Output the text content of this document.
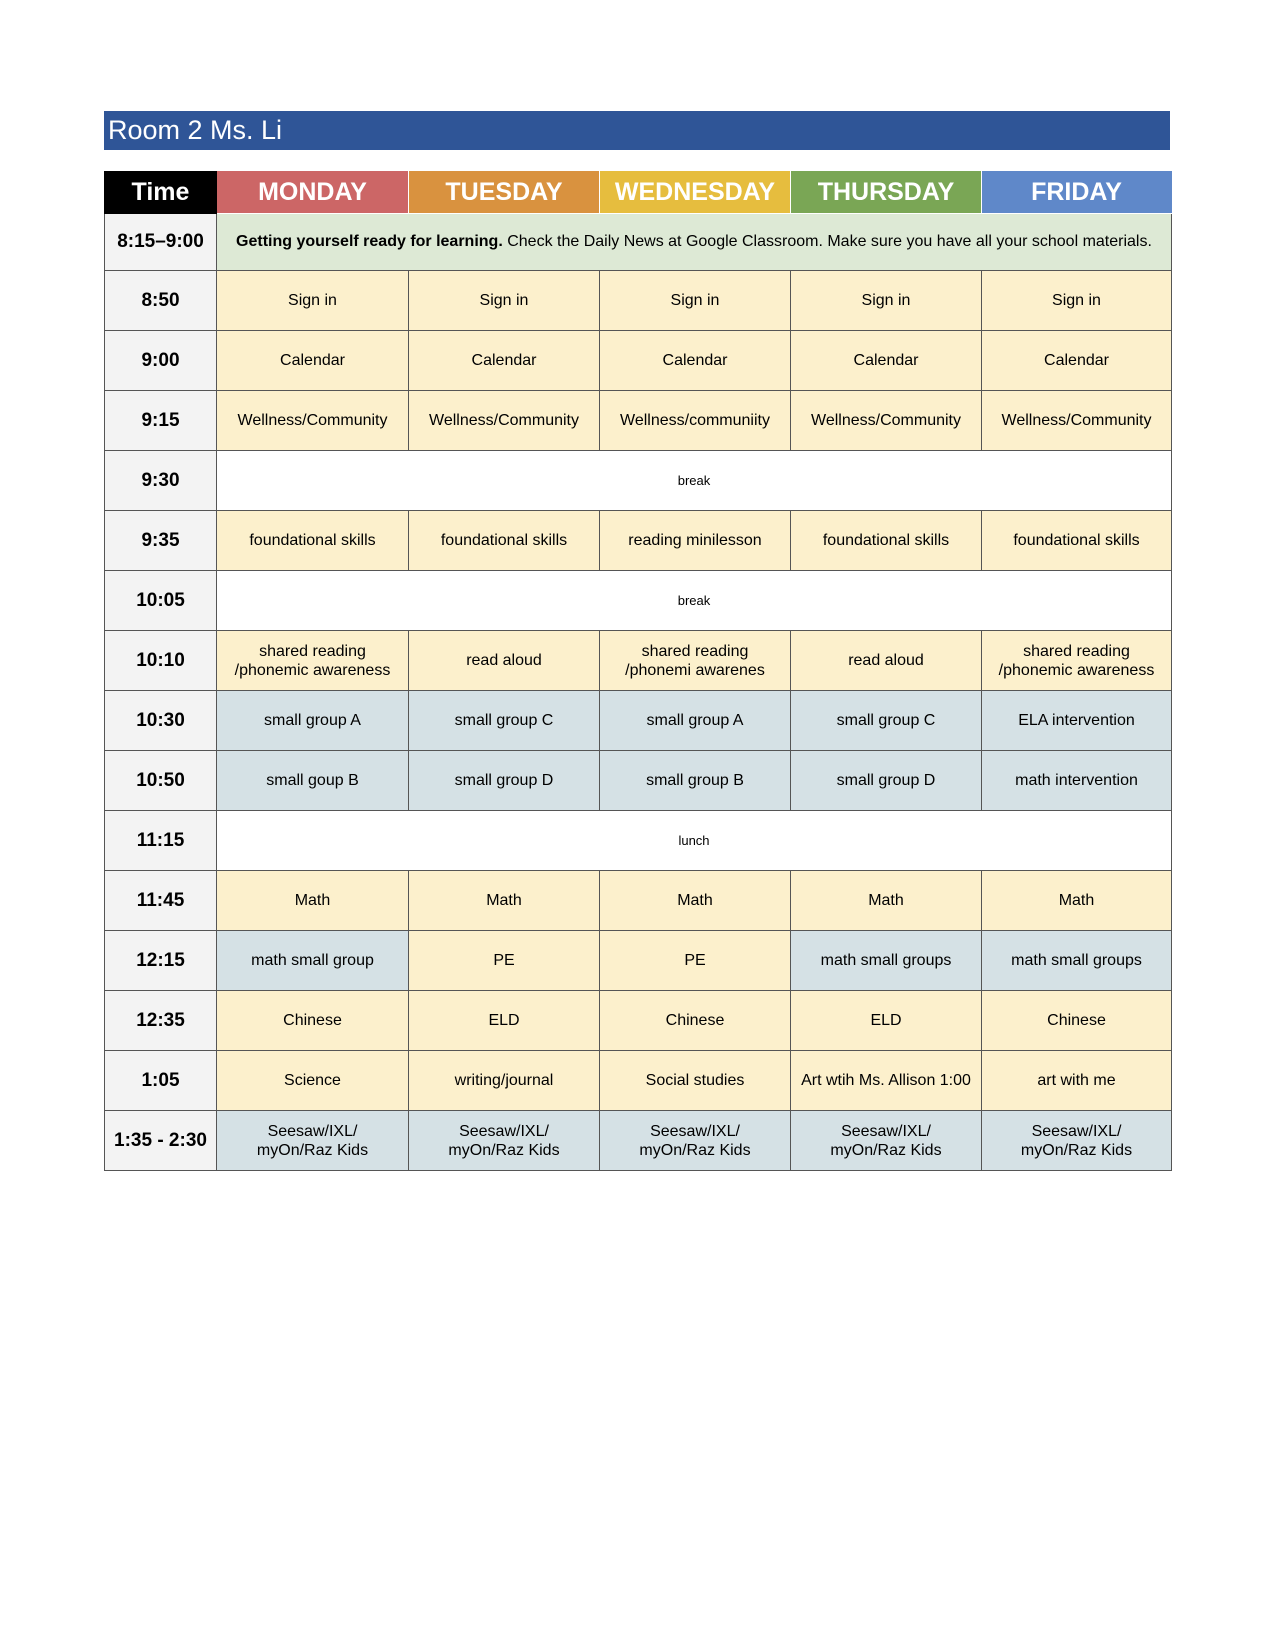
Room 2 Ms. Li
Time	MONDAY	TUESDAY	WEDNESDAY	THURSDAY	FRIDAY
8:15–9:00	Getting yourself ready for learning. Check the Daily News at Google Classroom. Make sure you have all your school materials.				
8:50	Sign in	Sign in	Sign in	Sign in	Sign in
9:00	Calendar	Calendar	Calendar	Calendar	Calendar
9:15	Wellness/Community	Wellness/Community	Wellness/communiity	Wellness/Community	Wellness/Community
9:30	break				
9:35	foundational skills	foundational skills	reading minilesson	foundational skills	foundational skills
10:05	break				
10:10	shared reading
/phonemic awareness	read aloud	shared reading
/phonemi awarenes	read aloud	shared reading
/phonemic awareness
10:30	small group A	small group C	small group A	small group C	ELA intervention
10:50	small goup B	small group D	small group B	small group D	math intervention
11:15	lunch				
11:45	Math	Math	Math	Math	Math
12:15	math small group	PE	PE	math small groups	math small groups
12:35	Chinese	ELD	Chinese	ELD	Chinese
1:05	Science	writing/journal	Social studies	Art wtih Ms. Allison 1:00	art with me
1:35 - 2:30	Seesaw/IXL/
myOn/Raz Kids	Seesaw/IXL/
myOn/Raz Kids	Seesaw/IXL/
myOn/Raz Kids	Seesaw/IXL/
myOn/Raz Kids	Seesaw/IXL/
myOn/Raz Kids
